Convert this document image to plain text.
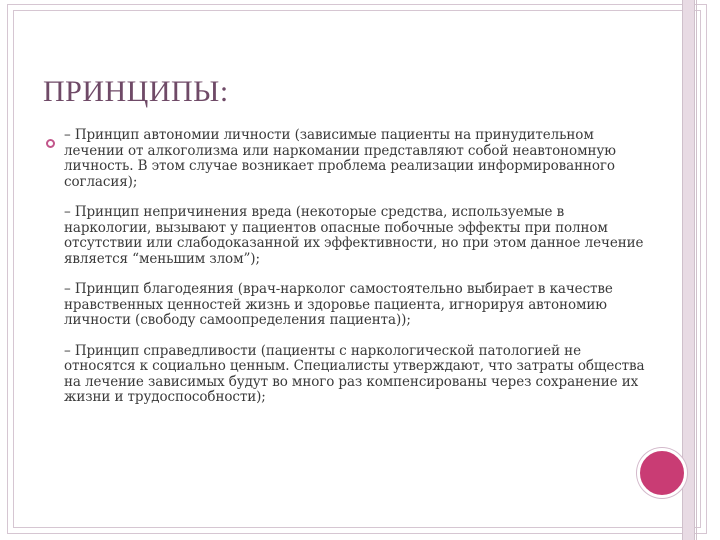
ПРИНЦИПЫ:

– Принцип автономии личности (зависимые пациенты на принудительном лечении от алкоголизма или наркомании представляют собой неавтономную личность. В этом случае возникает проблема реализации информированного согласия);

– Принцип непричинения вреда (некоторые средства, используемые в наркологии, вызывают у пациентов опасные побочные эффекты при полном отсутствии или слабодоказанной их эффективности, но при этом данное лечение является “меньшим злом”);

– Принцип благодеяния (врач-нарколог самостоятельно выбирает в качестве нравственных ценностей жизнь и здоровье пациента, игнорируя автономию личности (свободу самоопределения пациента));

– Принцип справедливости (пациенты с наркологической патологией не относятся к социально ценным. Специалисты утверждают, что затраты общества на лечение зависимых будут во много раз компенсированы через сохранение их жизни и трудоспособности);
